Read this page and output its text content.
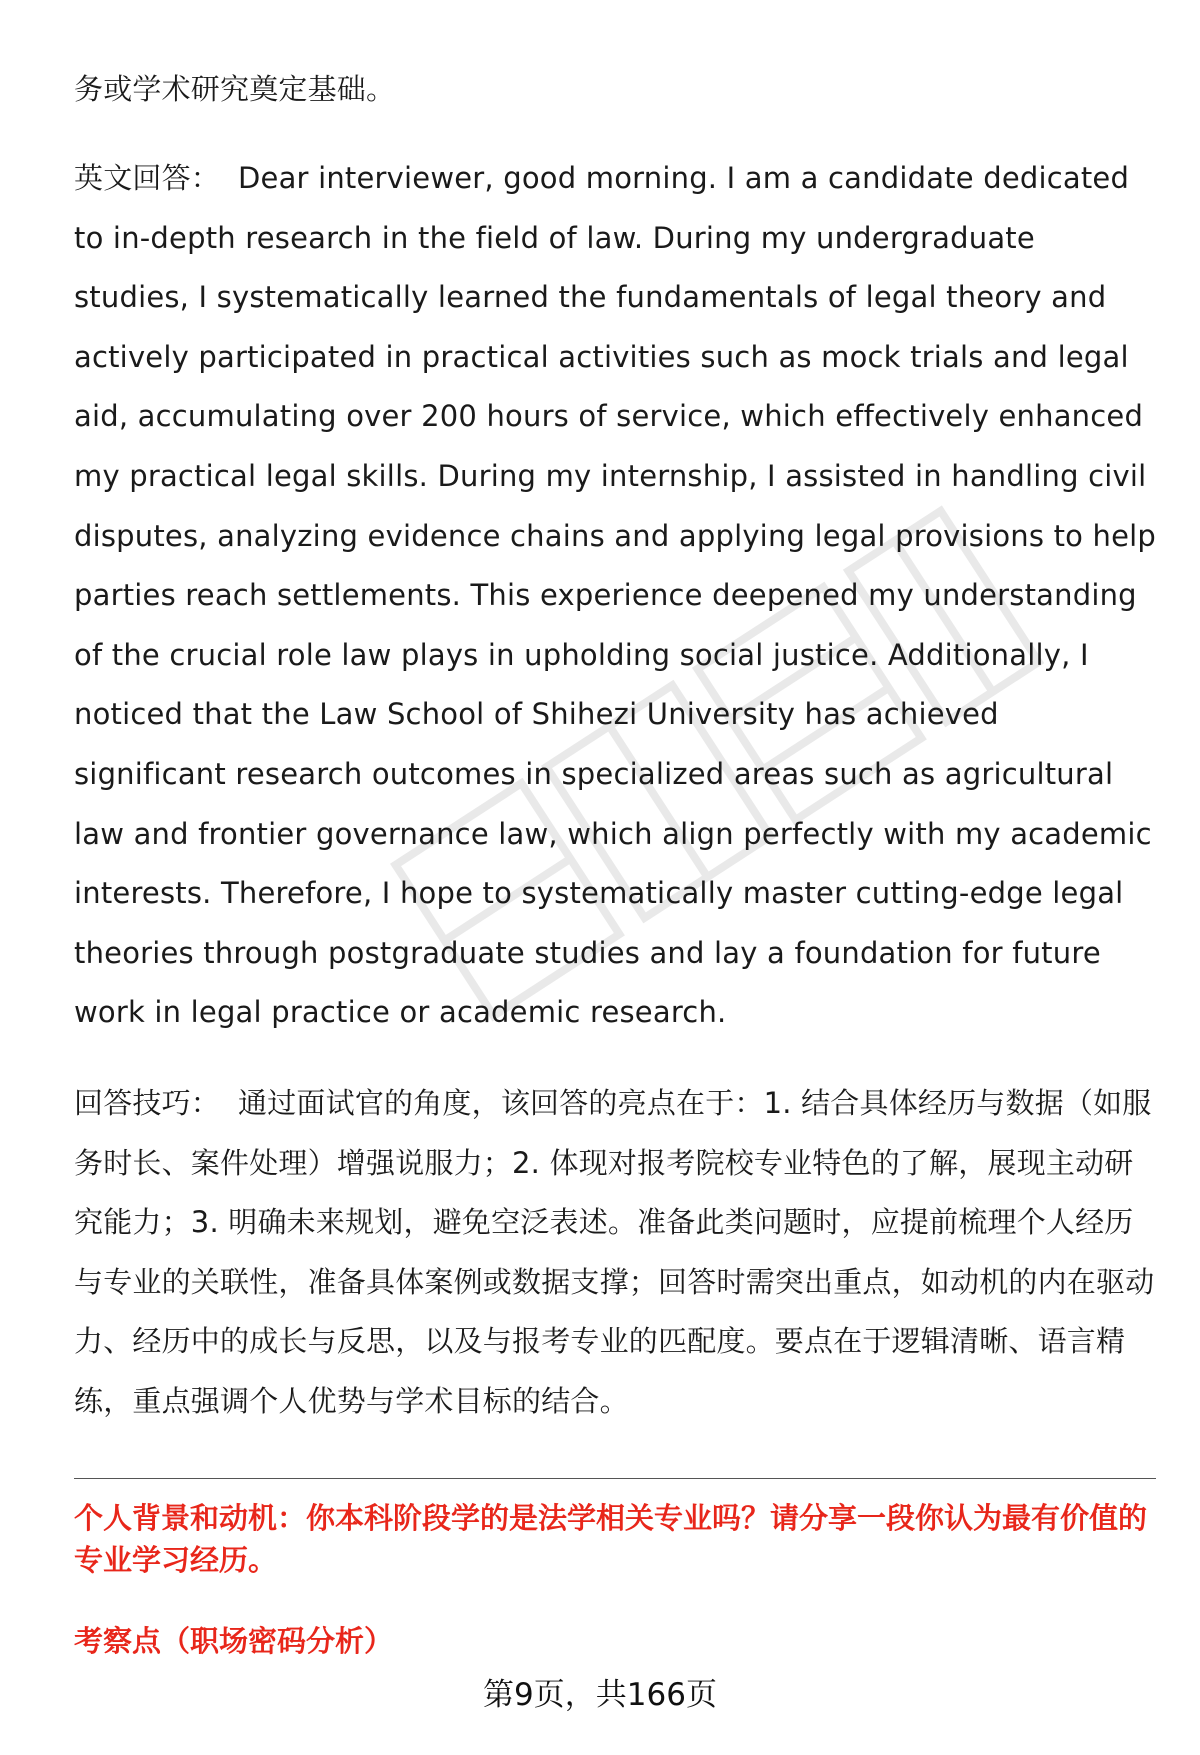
务或学术研究奠定基础。

英文回答： Dear interviewer, good morning. I am a candidate dedicated to in-depth research in the field of law. During my undergraduate studies, I systematically learned the fundamentals of legal theory and actively participated in practical activities such as mock trials and legal aid, accumulating over 200 hours of service, which effectively enhanced my practical legal skills. During my internship, I assisted in handling civil disputes, analyzing evidence chains and applying legal provisions to help parties reach settlements. This experience deepened my understanding of the crucial role law plays in upholding social justice. Additionally, I noticed that the Law School of Shihezi University has achieved significant research outcomes in specialized areas such as agricultural law and frontier governance law, which align perfectly with my academic interests. Therefore, I hope to systematically master cutting-edge legal theories through postgraduate studies and lay a foundation for future work in legal practice or academic research.

回答技巧： 通过面试官的角度，该回答的亮点在于：1. 结合具体经历与数据（如服务时长、案件处理）增强说服力；2. 体现对报考院校专业特色的了解，展现主动研究能力；3. 明确未来规划，避免空泛表述。准备此类问题时，应提前梳理个人经历与专业的关联性，准备具体案例或数据支撑；回答时需突出重点，如动机的内在驱动力、经历中的成长与反思，以及与报考专业的匹配度。要点在于逻辑清晰、语言精练，重点强调个人优势与学术目标的结合。

个人背景和动机：你本科阶段学的是法学相关专业吗？请分享一段你认为最有价值的专业学习经历。

考察点（职场密码分析）

第9页，共166页
